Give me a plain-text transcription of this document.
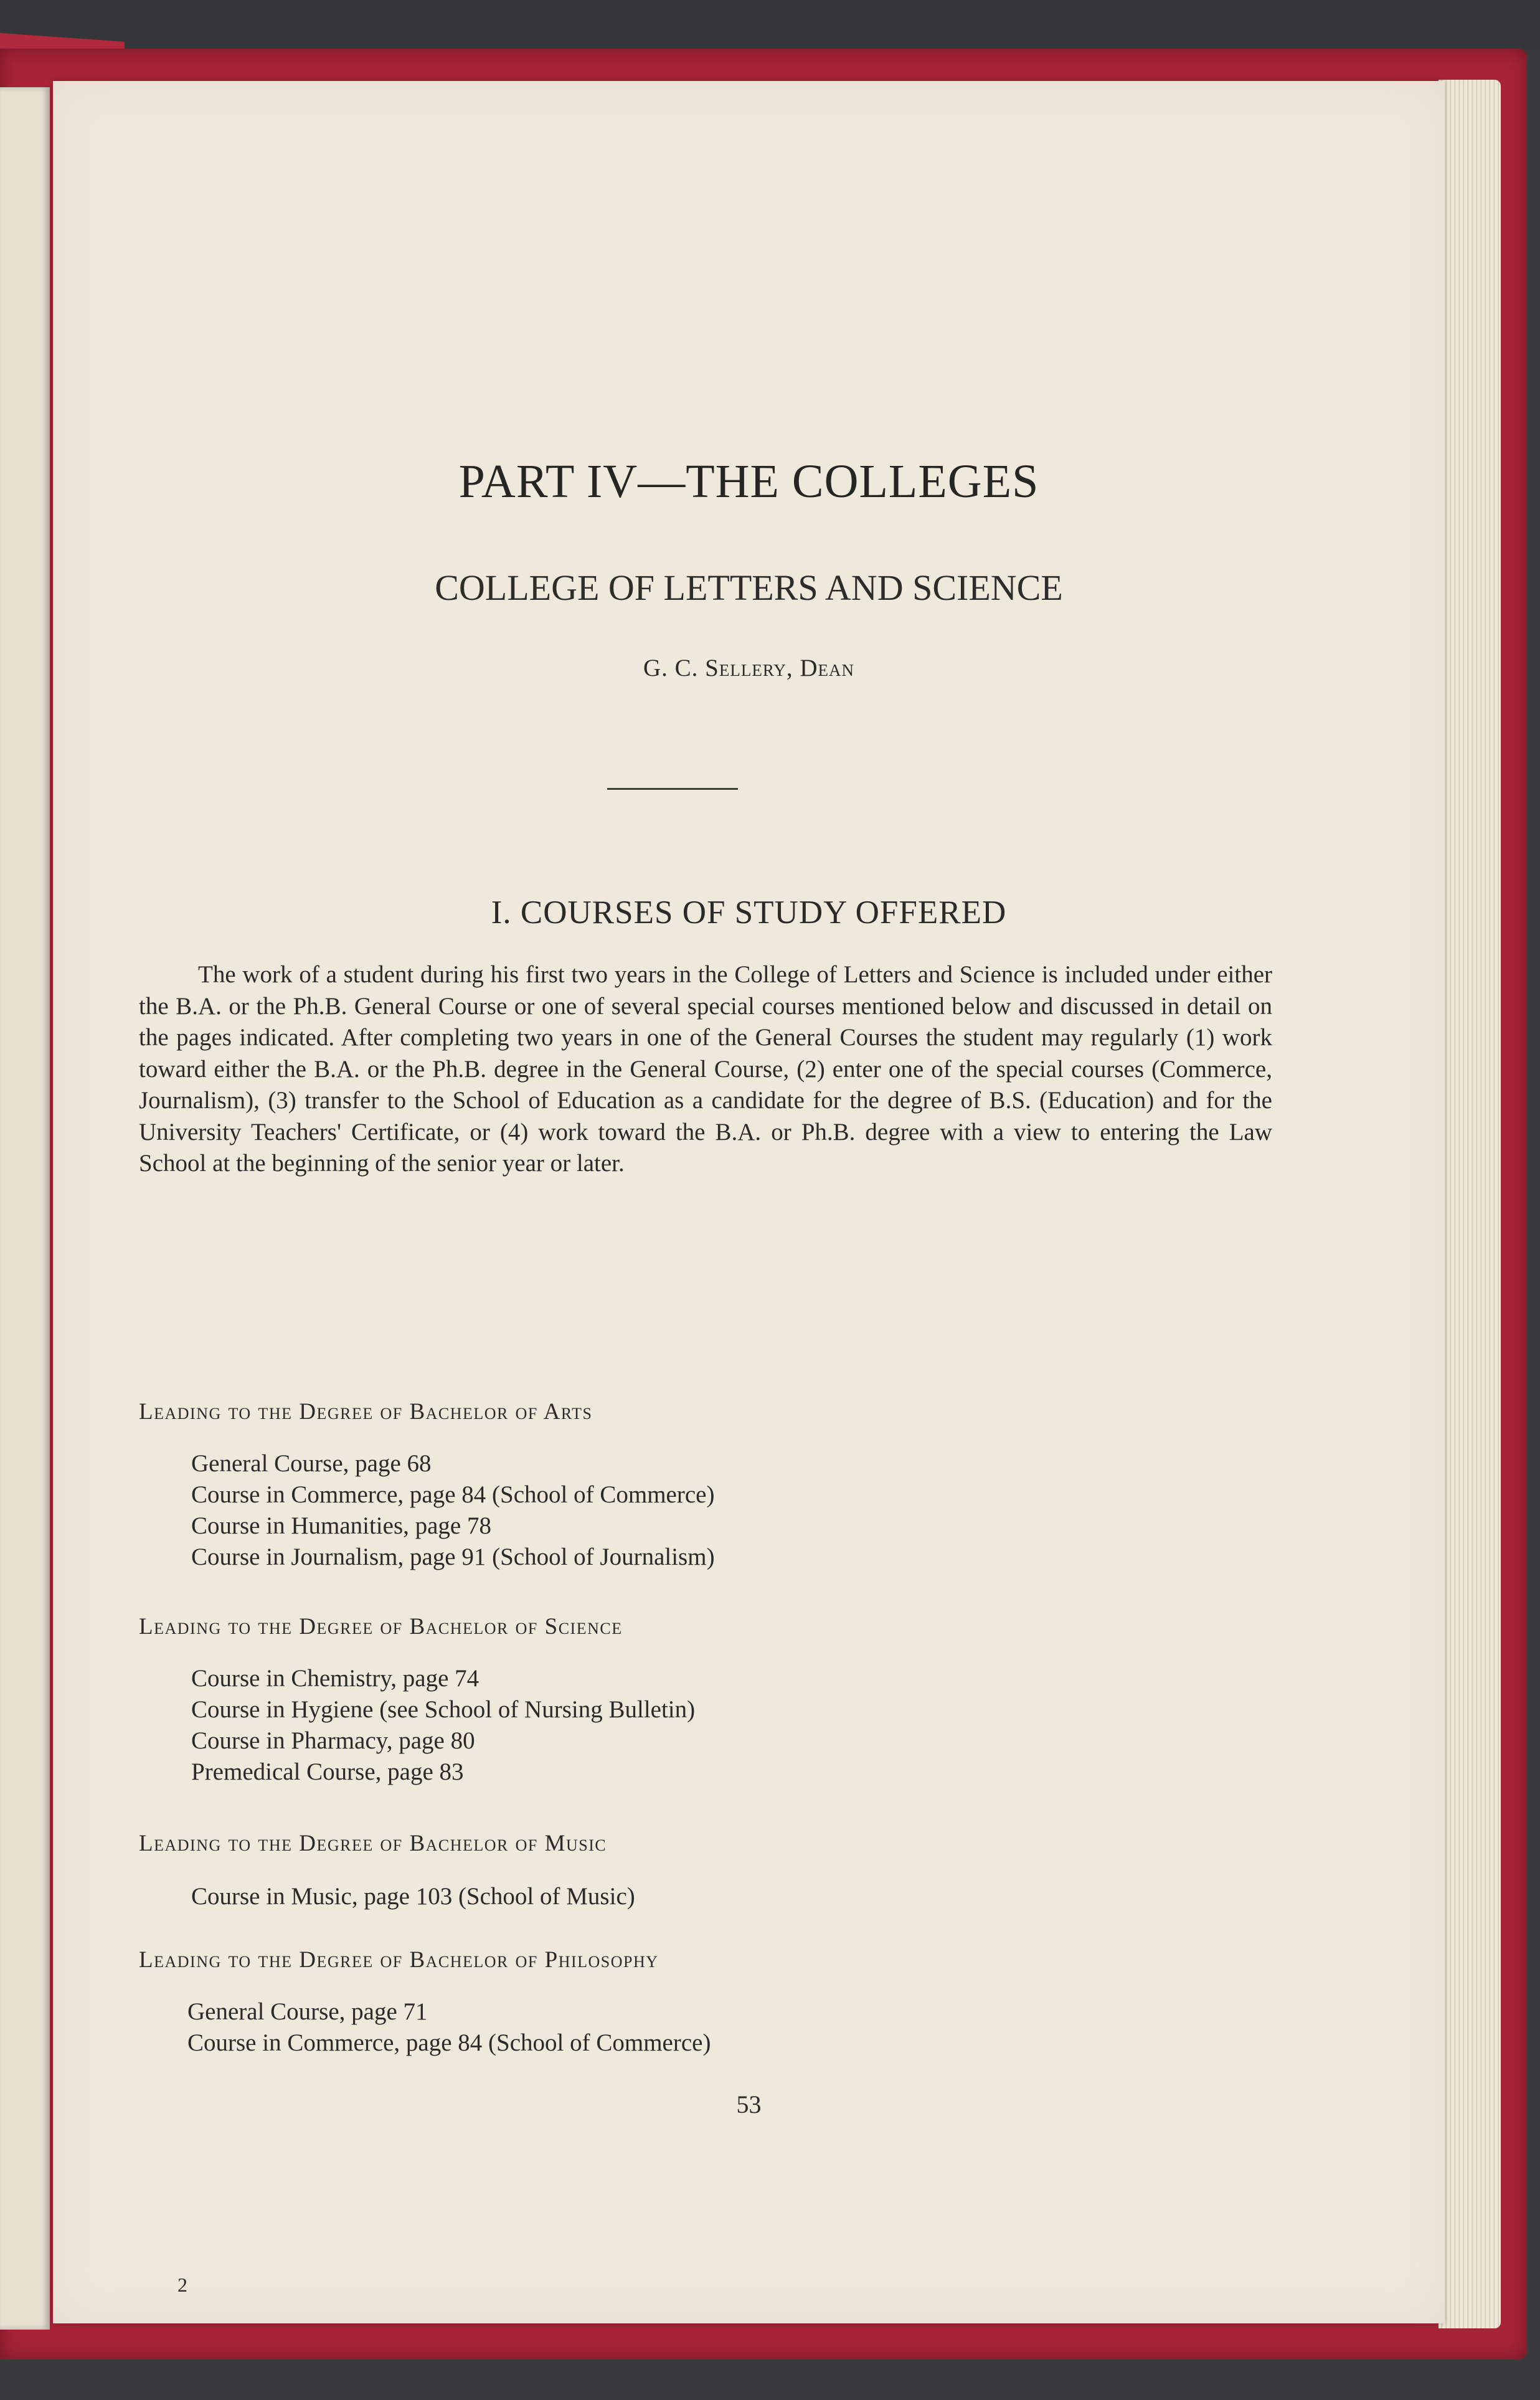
PART IV—THE COLLEGES
COLLEGE OF LETTERS AND SCIENCE
G. C. Sellery, Dean
I. COURSES OF STUDY OFFERED

The work of a student during his first two years in the College of Letters and Science is included under either the B.A. or the Ph.B. General Course or one of several special courses mentioned below and discussed in detail on the pages indicated. After completing two years in one of the General Courses the student may regularly (1) work toward either the B.A. or the Ph.B. degree in the General Course, (2) enter one of the special courses (Commerce, Journalism), (3) transfer to the School of Education as a candidate for the degree of B.S. (Education) and for the University Teachers' Certificate, or (4) work toward the B.A. or Ph.B. degree with a view to entering the Law School at the beginning of the senior year or later.

Leading to the Degree of Bachelor of Arts

General Course, page 68
Course in Commerce, page 84 (School of Commerce)
Course in Humanities, page 78
Course in Journalism, page 91 (School of Journalism)

Leading to the Degree of Bachelor of Science

Course in Chemistry, page 74
Course in Hygiene (see School of Nursing Bulletin)
Course in Pharmacy, page 80
Premedical Course, page 83

Leading to the Degree of Bachelor of Music

Course in Music, page 103 (School of Music)

Leading to the Degree of Bachelor of Philosophy

General Course, page 71
Course in Commerce, page 84 (School of Commerce)
53
2
